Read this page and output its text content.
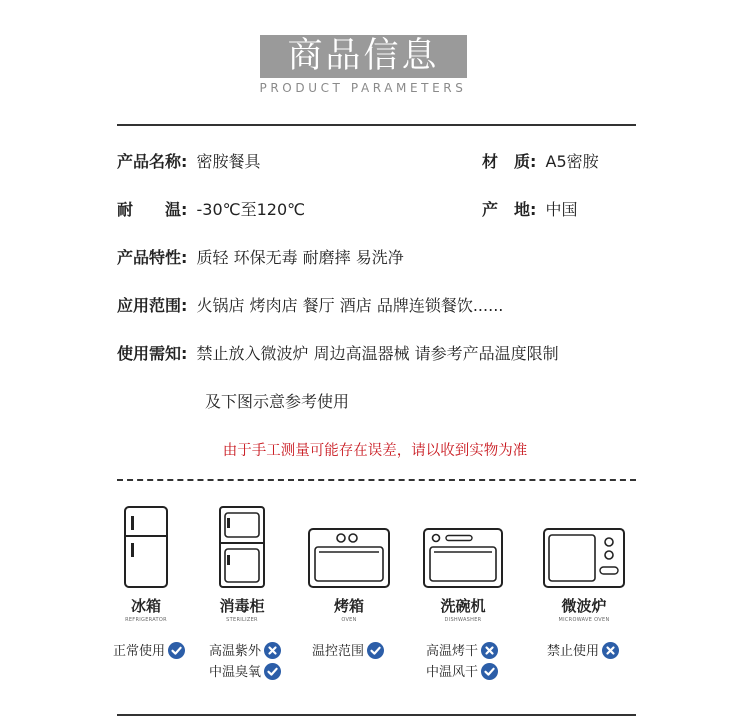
商品信息
PRODUCT PARAMETERS
产品名称: 密胺餐具	材　质: A5密胺
耐　　温: -30℃至120℃	产　地: 中国
产品特性: 质轻 环保无毒 耐磨摔 易洗净
应用范围: 火锅店 烤肉店 餐厅 酒店 品牌连锁餐饮......
使用需知: 禁止放入微波炉 周边高温器械 请参考产品温度限制
及下图示意参考使用
由于手工测量可能存在误差，请以收到实物为准
冰箱
REFRIGERATOR
消毒柜
STERILIZER
烤箱
OVEN
洗碗机
DISHWASHER
微波炉
MICROWAVE OVEN
正常使用	高温紫外
中温臭氧
温控范围	高温烤干
中温风干
禁止使用
